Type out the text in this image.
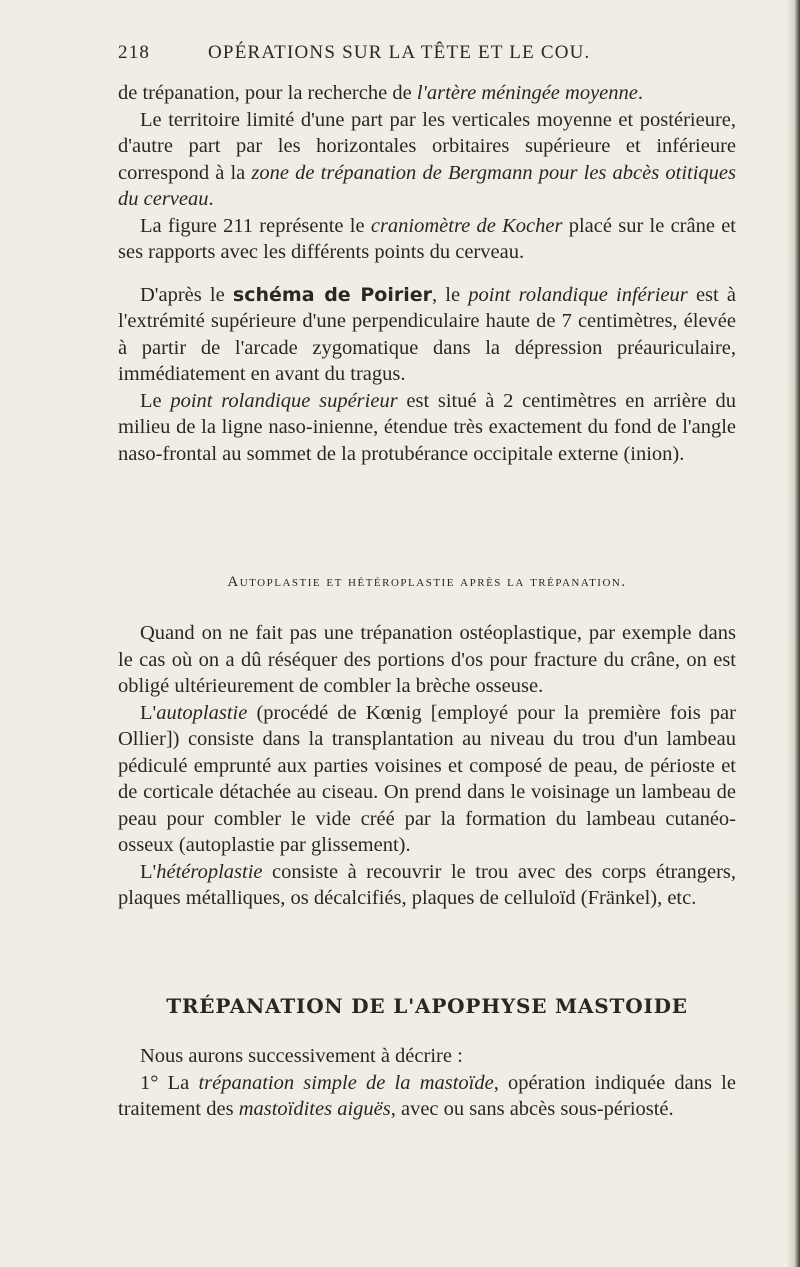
218	OPÉRATIONS SUR LA TÊTE ET LE COU.

de trépanation, pour la recherche de l'artère méningée moyenne.

Le territoire limité d'une part par les verticales moyenne et postérieure, d'autre part par les horizontales orbitaires supérieure et inférieure correspond à la zone de trépanation de Bergmann pour les abcès otitiques du cerveau.

La figure 211 représente le craniomètre de Kocher placé sur le crâne et ses rapports avec les différents points du cerveau.

D'après le schéma de Poirier, le point rolandique inférieur est à l'extrémité supérieure d'une perpendiculaire haute de 7 centimètres, élevée à partir de l'arcade zygomatique dans la dépression préauriculaire, immédiatement en avant du tragus.

Le point rolandique supérieur est situé à 2 centimètres en arrière du milieu de la ligne naso-inienne, étendue très exactement du fond de l'angle naso-frontal au sommet de la protubérance occipitale externe (inion).

Autoplastie et hétéroplastie après la trépanation.

Quand on ne fait pas une trépanation ostéoplastique, par exemple dans le cas où on a dû réséquer des portions d'os pour fracture du crâne, on est obligé ultérieurement de combler la brèche osseuse.

L'autoplastie (procédé de Kœnig [employé pour la première fois par Ollier]) consiste dans la transplantation au niveau du trou d'un lambeau pédiculé emprunté aux parties voisines et composé de peau, de périoste et de corticale détachée au ciseau. On prend dans le voisinage un lambeau de peau pour combler le vide créé par la formation du lambeau cutanéo-osseux (autoplastie par glissement).

L'hétéroplastie consiste à recouvrir le trou avec des corps étrangers, plaques métalliques, os décalcifiés, plaques de celluloïd (Fränkel), etc.

TRÉPANATION DE L'APOPHYSE MASTOIDE

Nous aurons successivement à décrire :

1° La trépanation simple de la mastoïde, opération indiquée dans le traitement des mastoïdites aiguës, avec ou sans abcès sous-périosté.
